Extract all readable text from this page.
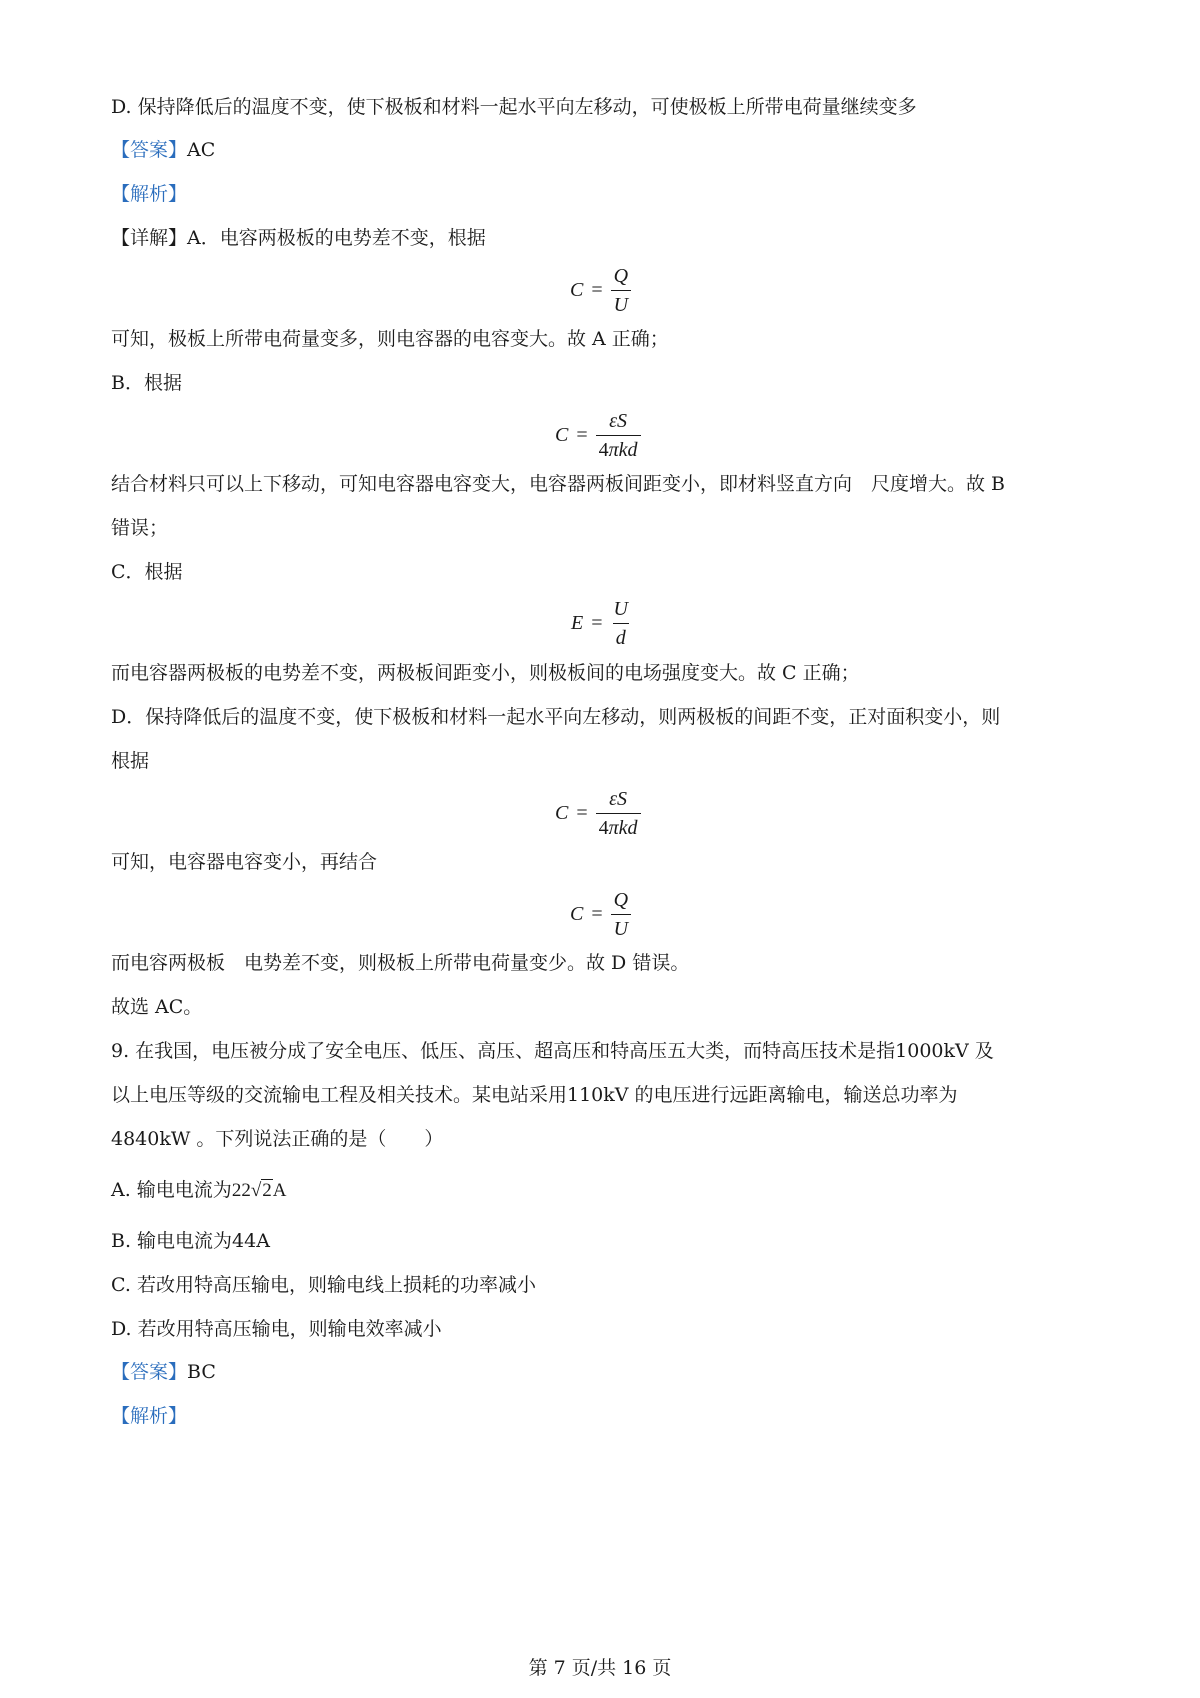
D. 保持降低后的温度不变，使下极板和材料一起水平向左移动，可使极板上所带电荷量继续变多
【答案】AC
【解析】
【详解】A．电容两极板的电势差不变，根据
$C = \frac{Q}{U}$
可知，极板上所带电荷量变多，则电容器的电容变大。故 A 正确；
B．根据
$C = \frac{\varepsilon S}{\text{4πkd}}$
结合材料只可以上下移动，可知电容器电容变大，电容器两板间距变小，即材料竖直方向　尺度增大。故 B
错误；
C．根据
$E = \frac{U}{d}$
而电容器两极板的电势差不变，两极板间距变小，则极板间的电场强度变大。故 C 正确；
D．保持降低后的温度不变，使下极板和材料一起水平向左移动，则两极板的间距不变，正对面积变小，则
根据
$C = \frac{\varepsilon S}{\text{4πkd}}$
可知，电容器电容变小，再结合
$C = \frac{Q}{U}$
而电容两极板　电势差不变，则极板上所带电荷量变少。故 D 错误。
故选 AC。
9. 在我国，电压被分成了安全电压、低压、高压、超高压和特高压五大类，而特高压技术是指1000kV 及
以上电压等级的交流输电工程及相关技术。某电站采用110kV 的电压进行远距离输电，输送总功率为
4840kW 。下列说法正确的是（　　）
A. 输电电流为22√2A
B. 输电电流为44A
C. 若改用特高压输电，则输电线上损耗的功率减小
D. 若改用特高压输电，则输电效率减小
【答案】BC
【解析】
第 7 页/共 16 页
